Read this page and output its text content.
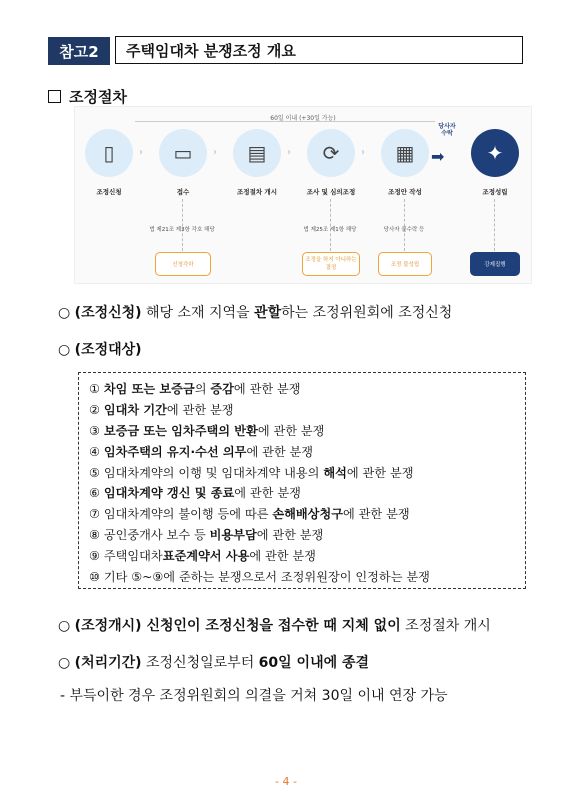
참고2	주택임대차 분쟁조정 개요
조정절차
60일 이내 (+30일 가능)
▯	▭	▤	⟳	▦	✦
›	›	›	›
당사자 수락
➡
조정신청	접수	조정절차 개시	조사 및 심의조정	조정안 작성	조정성립
법 제21조 제3항 각호 해당	법 제25조 제1항 해당	당사자 불수락 등
신청각하
조정을 하지 아니하는 결정	조정 불성립	강제집행
○ (조정신청) 해당 소재 지역을 관할하는 조정위원회에 조정신청
○ (조정대상)
① 차임 또는 보증금의 증감에 관한 분쟁
② 임대차 기간에 관한 분쟁
③ 보증금 또는 임차주택의 반환에 관한 분쟁
④ 임차주택의 유지·수선 의무에 관한 분쟁
⑤ 임대차계약의 이행 및 임대차계약 내용의 해석에 관한 분쟁
⑥ 임대차계약 갱신 및 종료에 관한 분쟁
⑦ 임대차계약의 불이행 등에 따른 손해배상청구에 관한 분쟁
⑧ 공인중개사 보수 등 비용부담에 관한 분쟁
⑨ 주택임대차표준계약서 사용에 관한 분쟁
⑩ 기타 ⑤~⑨에 준하는 분쟁으로서 조정위원장이 인정하는 분쟁
○ (조정개시) 신청인이 조정신청을 접수한 때 지체 없이 조정절차 개시
○ (처리기간) 조정신청일로부터 60일 이내에 종결
- 부득이한 경우 조정위원회의 의결을 거쳐 30일 이내 연장 가능
- 4 -
